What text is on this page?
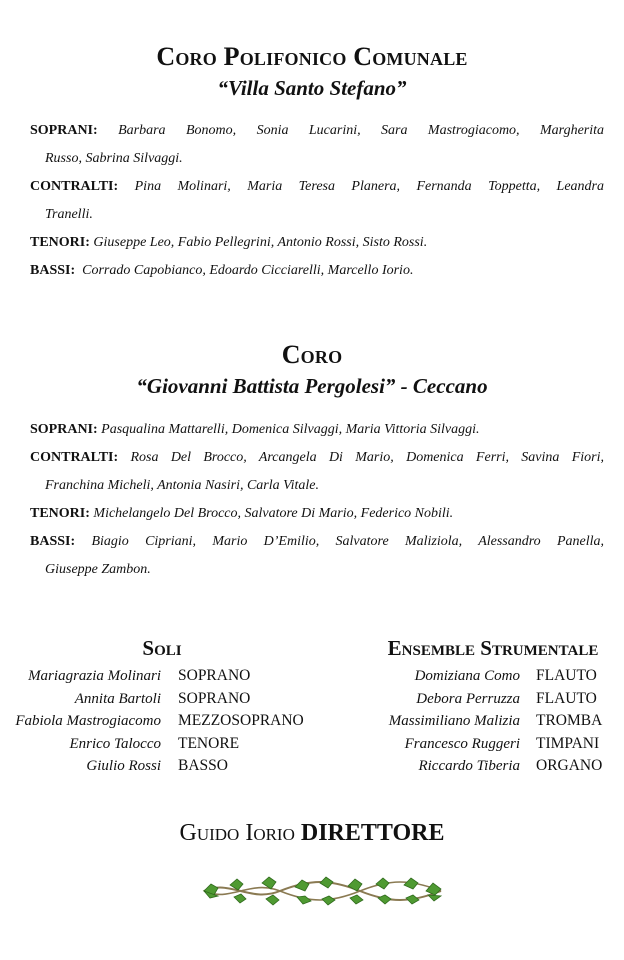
Coro Polifonico Comunale
“Villa Santo Stefano”
SOPRANI: Barbara Bonomo, Sonia Lucarini, Sara Mastrogiacomo, Margherita
Russo, Sabrina Silvaggi.
CONTRALTI: Pina Molinari, Maria Teresa Planera, Fernanda Toppetta, Leandra
Tranelli.
TENORI: Giuseppe Leo, Fabio Pellegrini, Antonio Rossi, Sisto Rossi.
BASSI: Corrado Capobianco, Edoardo Cicciarelli, Marcello Iorio.
Coro
“Giovanni Battista Pergolesi” - Ceccano
SOPRANI: Pasqualina Mattarelli, Domenica Silvaggi, Maria Vittoria Silvaggi.
CONTRALTI: Rosa Del Brocco, Arcangela Di Mario, Domenica Ferri, Savina Fiori,
Franchina Micheli, Antonia Nasiri, Carla Vitale.
TENORI: Michelangelo Del Brocco, Salvatore Di Mario, Federico Nobili.
BASSI: Biagio Cipriani, Mario D’Emilio, Salvatore Maliziola, Alessandro Panella,
Giuseppe Zambon.
Soli
Mariagrazia Molinari SOPRANO
Annita Bartoli SOPRANO
Fabiola Mastrogiacomo MEZZOSOPRANO
Enrico Talocco TENORE
Giulio Rossi BASSO
Ensemble Strumentale
Domiziana Como FLAUTO
Debora Perruzza FLAUTO
Massimiliano Malizia TROMBA
Francesco Ruggeri TIMPANI
Riccardo Tiberia ORGANO
Guido Iorio DIRETTORE
